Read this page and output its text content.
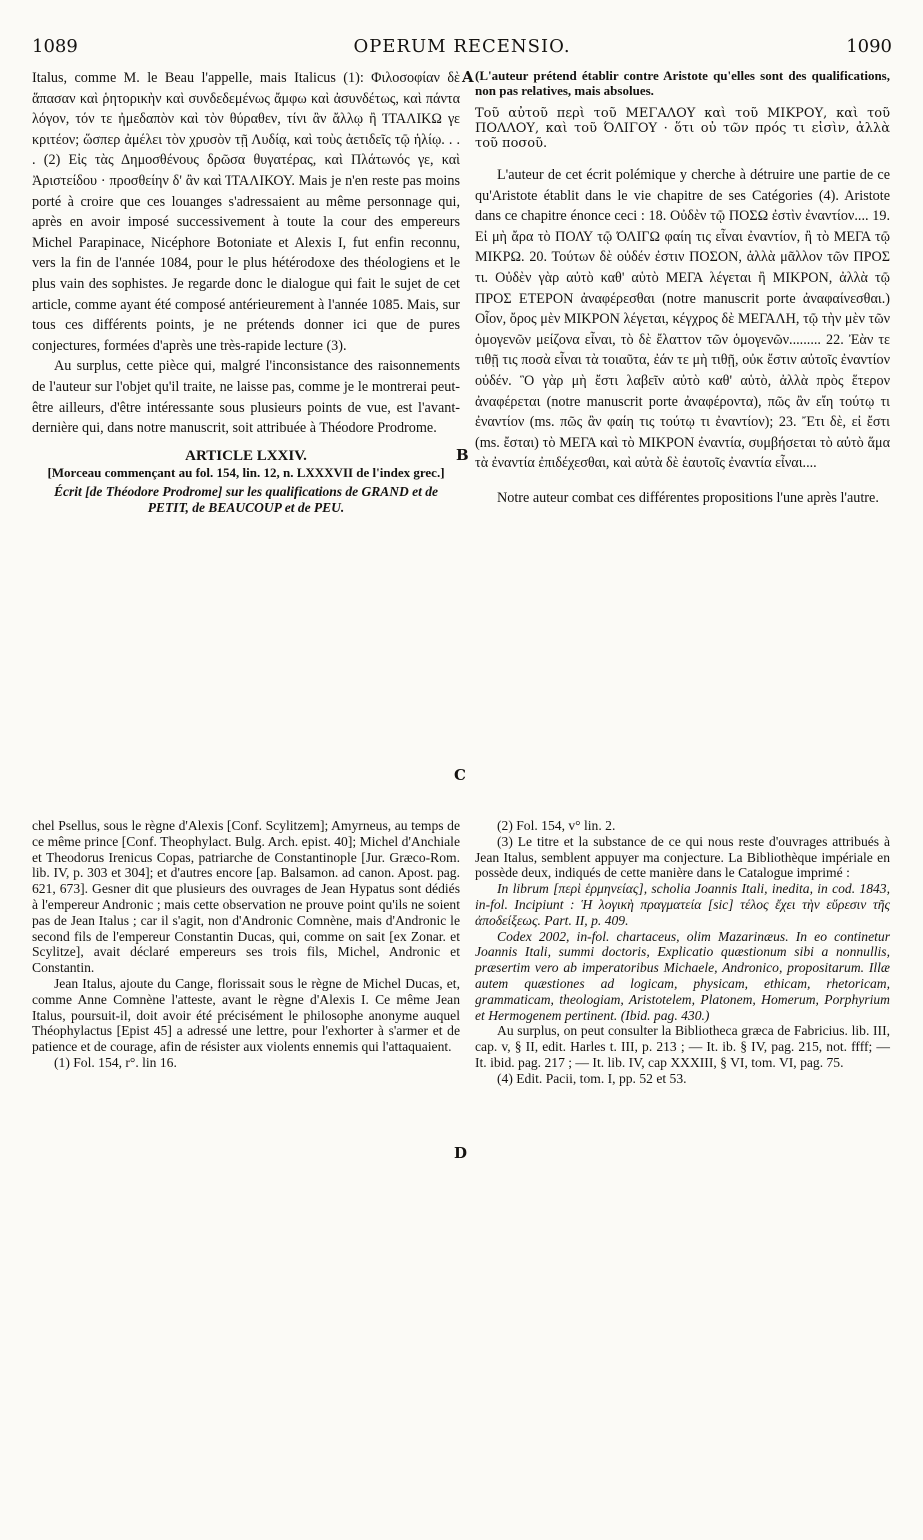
1089	OPERUM RECENSIO.	1090
A
B
C
D

Italus, comme M. le Beau l'appelle, mais Italicus (1): Φιλοσοφίαν δὲ ἅπασαν καὶ ῥητορικὴν καὶ συνδεδεμένως ἄμφω καὶ ἀσυνδέτως, καὶ πάντα λόγον, τόν τε ἠμεδαπὸν καὶ τὸν θύραθεν, τίνι ἂν ἄλλῳ ἢ ΊΤΑΛΙΚΩ γε κριτέον; ὥσπερ ἀμέλει τὸν χρυσὸν τῇ Λυδίᾳ, καὶ τοὺς ἀετιδεῖς τῷ ἡλίῳ. . . . (2) Εἰς τὰς Δημοσθένους δρῶσα θυγατέρας, καὶ Πλάτωνός γε, καὶ Ἀριστείδου · προσθείην δ' ἂν καὶ ΊΤΑΛΙΚΟΥ. Mais je n'en reste pas moins porté à croire que ces louanges s'adressaient au même personnage qui, après en avoir imposé successivement à toute la cour des empereurs Michel Parapinace, Nicéphore Botoniate et Alexis I, fut enfin reconnu, vers la fin de l'année 1084, pour le plus hétérodoxe des théologiens et le plus vain des sophistes. Je regarde donc le dialogue qui fait le sujet de cet article, comme ayant été composé antérieurement à l'année 1085. Mais, sur tous ces différents points, je ne prétends donner ici que de pures conjectures, formées d'après une très-rapide lecture (3).

Au surplus, cette pièce qui, malgré l'inconsistance des raisonnements de l'auteur sur l'objet qu'il traite, ne laisse pas, comme je le montrerai peut-être ailleurs, d'être intéressante sous plusieurs points de vue, est l'avant-dernière qui, dans notre manuscrit, soit attribuée à Théodore Prodrome.

ARTICLE LXXIV.
[Morceau commençant au fol. 154, lin. 12, n. LXXXVII de l'index grec.]
Écrit [de Théodore Prodrome] sur les qualifications de GRAND et de PETIT, de BEAUCOUP et de PEU.

(L'auteur prétend établir contre Aristote qu'elles sont des qualifications, non pas relatives, mais absolues.

Τοῦ αὐτοῦ περὶ τοῦ ΜΕΓΑΛΟΥ καὶ τοῦ ΜΙΚΡΟΥ, καὶ τοῦ ΠΟΛΛΟΥ, καὶ τοῦ ΌΛΙΓΟΥ · ὅτι οὐ τῶν πρός τι εἰσὶν, ἀλλὰ τοῦ ποσοῦ.

L'auteur de cet écrit polémique y cherche à détruire une partie de ce qu'Aristote établit dans le vie chapitre de ses Catégories (4). Aristote dans ce chapitre énonce ceci : 18. Οὐδὲν τῷ ΠΟΣΩ ἐστὶν ἐναντίον.... 19. Εἰ μὴ ἄρα τὸ ΠΟΛΥ τῷ ΌΛΙΓΩ φαίη τις εἶναι ἐναντίον, ἢ τὸ ΜΕΓΑ τῷ ΜΙΚΡΩ. 20. Τούτων δὲ οὐδέν ἐστιν ΠΟΣΟΝ, ἀλλὰ μᾶλλον τῶν ΠΡΟΣ τι. Οὐδὲν γὰρ αὐτὸ καθ' αὑτὸ ΜΕΓΑ λέγεται ἢ ΜΙΚΡΟΝ, ἀλλὰ τῷ ΠΡΟΣ ΕΤΕΡΟΝ ἀναφέρεσθαι (notre manuscrit porte ἀναφαίνεσθαι.) Οἷον, ὄρος μὲν ΜΙΚΡΟΝ λέγεται, κέγχρος δὲ ΜΕΓΑΛΗ, τῷ τὴν μὲν τῶν ὁμογενῶν μείζονα εἶναι, τὸ δὲ ἔλαττον τῶν ὁμογενῶν......... 22. Ἐὰν τε τιθῇ τις ποσὰ εἶναι τὰ τοιαῦτα, ἐάν τε μὴ τιθῇ, οὐκ ἔστιν αὐτοῖς ἐναντίον οὐδέν. Ὃ γὰρ μὴ ἔστι λαβεῖν αὐτὸ καθ' αὑτὸ, ἀλλὰ πρὸς ἕτερον ἀναφέρεται (notre manuscrit porte ἀναφέροντα), πῶς ἂν εἴη τούτῳ τι ἐναντίον (ms. πῶς ἂν φαίη τις τούτῳ τι ἐναντίον); 23. Ἔτι δὲ, εἰ ἔστι (ms. ἔσται) τὸ ΜΕΓΑ καὶ τὸ ΜΙΚΡΟΝ ἐναντία, συμβήσεται τὸ αὐτὸ ἅμα τὰ ἐναντία ἐπιδέχεσθαι, καὶ αὐτὰ δὲ ἑαυτοῖς ἐναντία εἶναι....

Notre auteur combat ces différentes propositions l'une après l'autre.

chel Psellus, sous le règne d'Alexis [Conf. Scylitzem]; Amyrneus, au temps de ce même prince [Conf. Theophylact. Bulg. Arch. epist. 40]; Michel d'Anchiale et Theodorus Irenicus Copas, patriarche de Constantinople [Jur. Græco-Rom. lib. IV, p. 303 et 304]; et d'autres encore [ap. Balsamon. ad canon. Apost. pag. 621, 673]. Gesner dit que plusieurs des ouvrages de Jean Hypatus sont dédiés à l'empereur Andronic ; mais cette observation ne prouve point qu'ils ne soient pas de Jean Italus ; car il s'agit, non d'Andronic Comnène, mais d'Andronic le second fils de l'empereur Constantin Ducas, qui, comme on sait [ex Zonar. et Scylitze], avait déclaré empereurs ses trois fils, Michel, Andronic et Constantin.

Jean Italus, ajoute du Cange, florissait sous le règne de Michel Ducas, et, comme Anne Comnène l'atteste, avant le règne d'Alexis I. Ce même Jean Italus, poursuit-il, doit avoir été précisément le philosophe anonyme auquel Théophylactus [Epist 45] a adressé une lettre, pour l'exhorter à s'armer et de patience et de courage, afin de résister aux violents ennemis qui l'attaquaient.

(1) Fol. 154, r°. lin 16.

(2) Fol. 154, v° lin. 2.

(3) Le titre et la substance de ce qui nous reste d'ouvrages attribués à Jean Italus, semblent appuyer ma conjecture. La Bibliothèque impériale en possède deux, indiqués de cette manière dans le Catalogue imprimé :

In librum [περὶ ἑρμηνείας], scholia Joannis Itali, inedita, in cod. 1843, in-fol. Incipiunt : Ἡ λογικὴ πραγματεία [sic] τέλος ἔχει τὴν εὕρεσιν τῆς ἀποδείξεως. Part. II, p. 409.

Codex 2002, in-fol. chartaceus, olim Mazarinæus. In eo continetur Joannis Itali, summi doctoris, Explicatio quæstionum sibi a nonnullis, præsertim vero ab imperatoribus Michaele, Andronico, propositarum. Illæ autem quæstiones ad logicam, physicam, ethicam, rhetoricam, grammaticam, theologiam, Aristotelem, Platonem, Homerum, Porphyrium et Hermogenem pertinent. (Ibid. pag. 430.)

Au surplus, on peut consulter la Bibliotheca græca de Fabricius. lib. III, cap. v, § II, edit. Harles t. III, p. 213 ; — It. ib. § IV, pag. 215, not. ffff; — It. ibid. pag. 217 ; — It. lib. IV, cap XXXIII, § VI, tom. VI, pag. 75.

(4) Edit. Pacii, tom. I, pp. 52 et 53.
